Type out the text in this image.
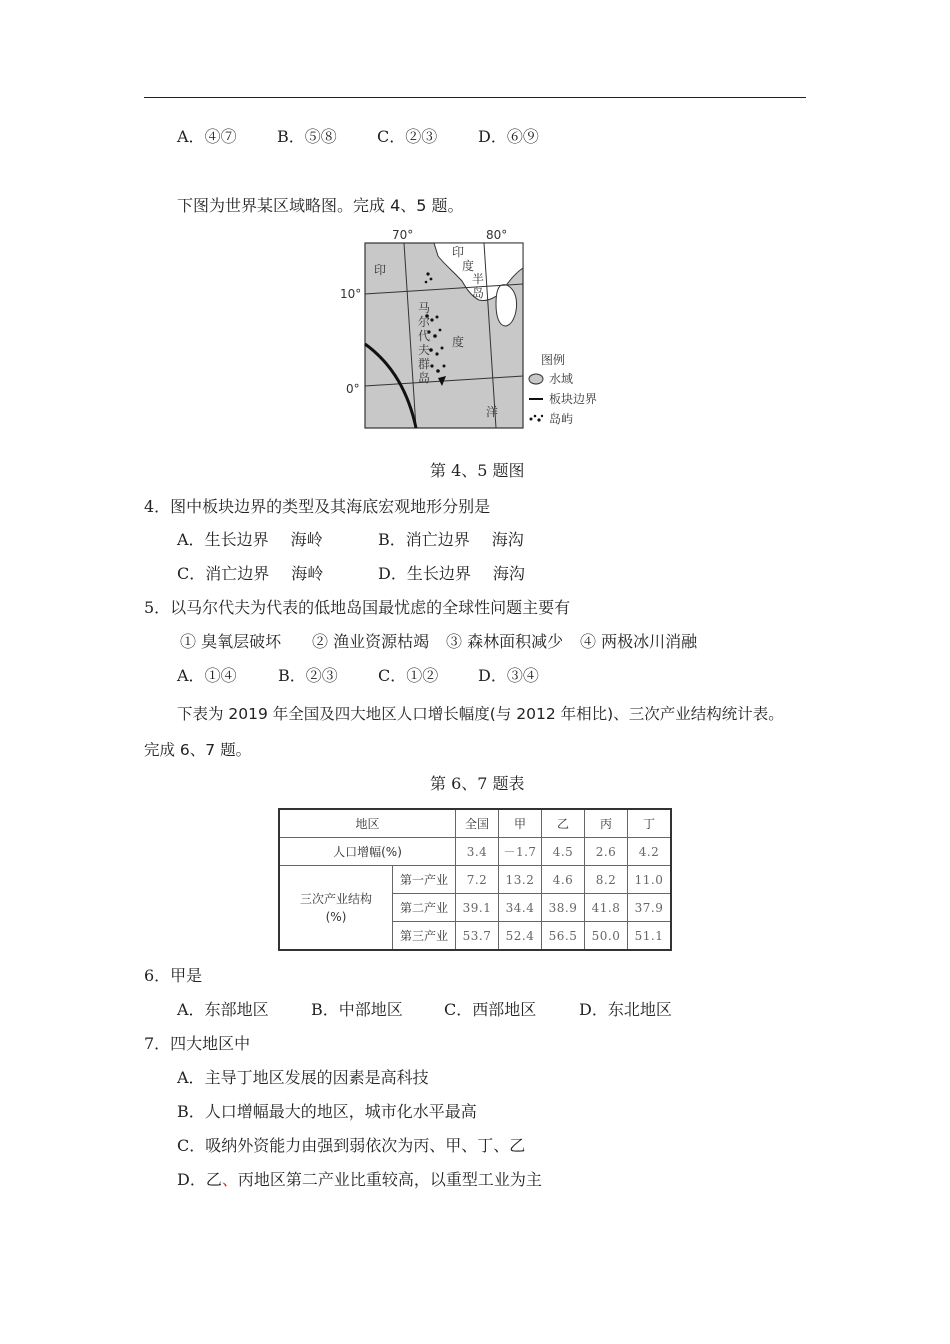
A．④⑦	B．⑤⑧	C．②③	D．⑥⑨
下图为世界某区域略图。完成 4、5 题。
70°	80°
10°
0°
印
度
洋
印
度
半
岛
马
尔
代
夫
群
岛
图例
水域
板块边界
岛屿
第 4、5 题图
4．图中板块边界的类型及其海底宏观地形分别是
A．生长边界 海岭	B．消亡边界 海沟
C．消亡边界 海岭	D．生长边界 海沟
5．以马尔代夫为代表的低地岛国最忧虑的全球性问题主要有
① 臭氧层破坏 ② 渔业资源枯竭 ③ 森林面积减少 ④ 两极冰川消融
A．①④	B．②③	C．①② D．③④
下表为 2019 年全国及四大地区人口增长幅度(与 2012 年相比)、三次产业结构统计表。
完成 6、7 题。
第 6、7 题表
地区		全国	甲	乙	丙	丁
人口增幅(%)		3.4	－1.7	4.5	2.6	4.2

三次产业结构
(%)	第一产业	7.2	13.2	4.6	8.2	11.0
	第二产业	39.1	34.4	38.9	41.8	37.9
	第三产业	53.7	52.4	56.5	50.0	51.1
6．甲是
A．东部地区	B．中部地区	C．西部地区	D．东北地区
7．四大地区中
A．主导丁地区发展的因素是高科技
B．人口增幅最大的地区，城市化水平最高
C．吸纳外资能力由强到弱依次为丙、甲、丁、乙
D．乙、丙地区第二产业比重较高，以重型工业为主
